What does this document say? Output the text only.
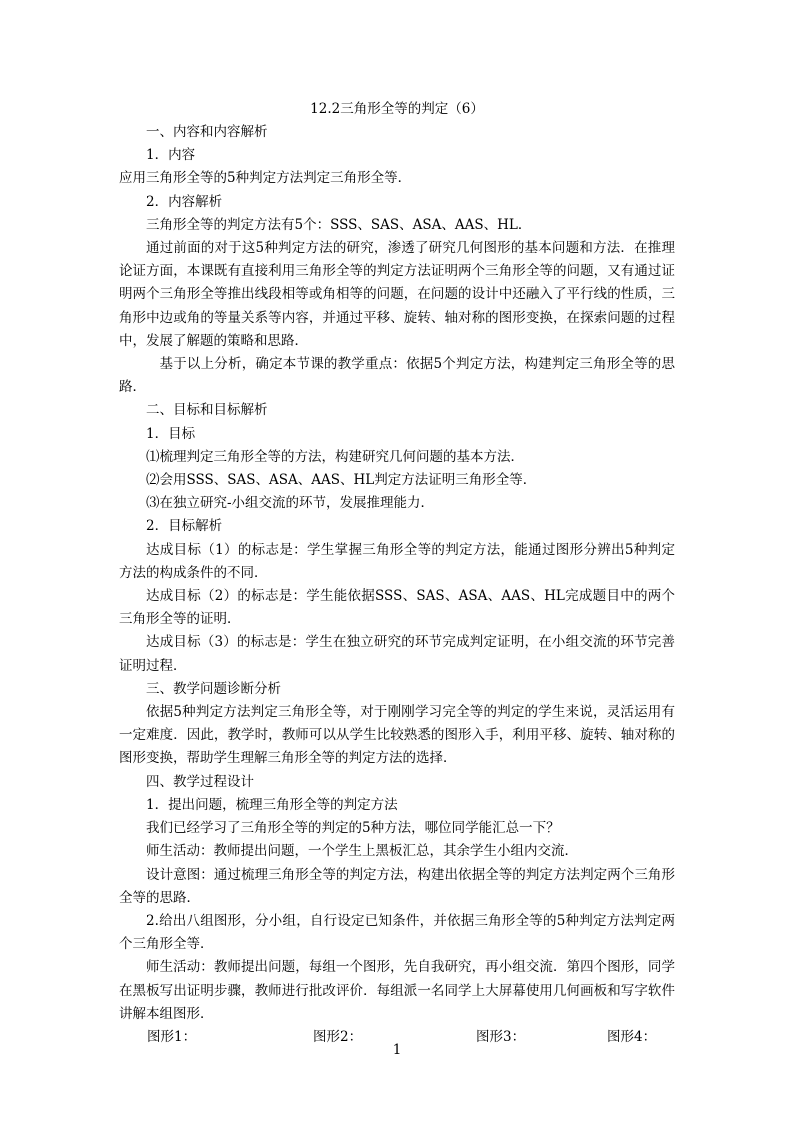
12.2三角形全等的判定（6）

一、内容和内容解析

1．内容

应用三角形全等的5种判定方法判定三角形全等．

2．内容解析

三角形全等的判定方法有5个：SSS、SAS、ASA、AAS、HL．

通过前面的对于这5种判定方法的研究，渗透了研究几何图形的基本问题和方法．在推理论证方面，本课既有直接利用三角形全等的判定方法证明两个三角形全等的问题，又有通过证明两个三角形全等推出线段相等或角相等的问题，在问题的设计中还融入了平行线的性质，三角形中边或角的等量关系等内容，并通过平移、旋转、轴对称的图形变换，在探索问题的过程中，发展了解题的策略和思路．

基于以上分析，确定本节课的教学重点：依据5个判定方法，构建判定三角形全等的思路．

二、目标和目标解析

1．目标

⑴梳理判定三角形全等的方法，构建研究几何问题的基本方法．

⑵会用SSS、SAS、ASA、AAS、HL判定方法证明三角形全等．

⑶在独立研究-小组交流的环节，发展推理能力．

2．目标解析

达成目标（1）的标志是：学生掌握三角形全等的判定方法，能通过图形分辨出5种判定方法的构成条件的不同．

达成目标（2）的标志是：学生能依据SSS、SAS、ASA、AAS、HL完成题目中的两个三角形全等的证明．

达成目标（3）的标志是：学生在独立研究的环节完成判定证明，在小组交流的环节完善证明过程．

三、教学问题诊断分析

依据5种判定方法判定三角形全等，对于刚刚学习完全等的判定的学生来说，灵活运用有一定难度．因此，教学时，教师可以从学生比较熟悉的图形入手，利用平移、旋转、轴对称的图形变换，帮助学生理解三角形全等的判定方法的选择．

四、教学过程设计

1．提出问题，梳理三角形全等的判定方法

我们已经学习了三角形全等的判定的5种方法，哪位同学能汇总一下？

师生活动：教师提出问题，一个学生上黑板汇总，其余学生小组内交流．

设计意图：通过梳理三角形全等的判定方法，构建出依据全等的判定方法判定两个三角形全等的思路．

2.给出八组图形，分小组，自行设定已知条件，并依据三角形全等的5种判定方法判定两个三角形全等．

师生活动：教师提出问题，每组一个图形，先自我研究，再小组交流．第四个图形，同学在黑板写出证明步骤，教师进行批改评价．每组派一名同学上大屏幕使用几何画板和写字软件讲解本组图形．

图形1：	图形2：	图形3：	图形4：
1
